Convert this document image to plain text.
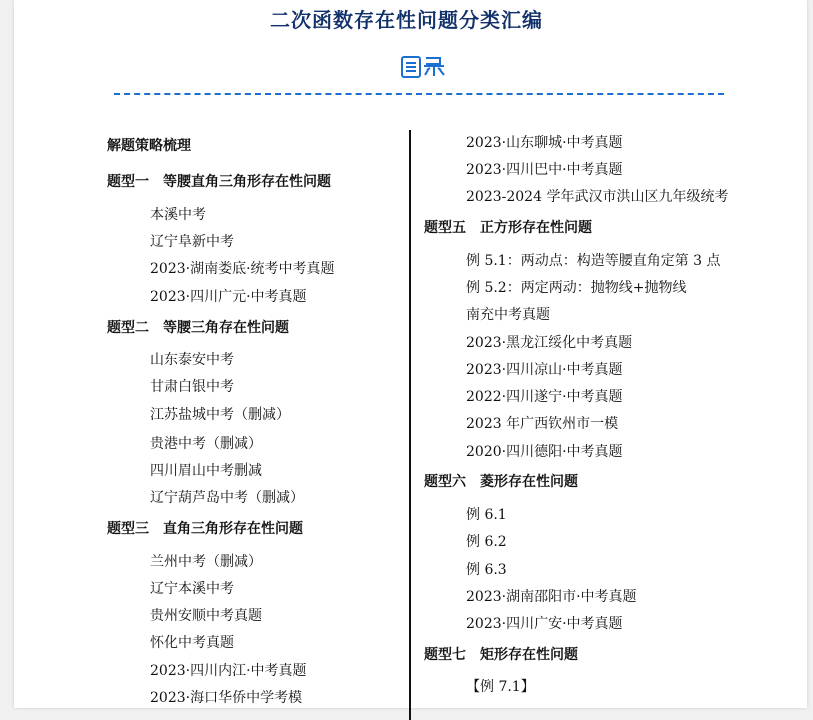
二次函数存在性问题分类汇编
解题策略梳理
题型一　等腰直角三角形存在性问题
本溪中考
辽宁阜新中考
2023·湖南娄底·统考中考真题
2023·四川广元·中考真题
题型二　等腰三角存在性问题
山东泰安中考
甘肃白银中考
江苏盐城中考（删减）
贵港中考（删减）
四川眉山中考删减
辽宁葫芦岛中考（删减）
题型三　直角三角形存在性问题
兰州中考（删减）
辽宁本溪中考
贵州安顺中考真题
怀化中考真题
2023·四川内江·中考真题
2023·海口华侨中学考模
2023·山东聊城·中考真题
2023·四川巴中·中考真题
2023-2024 学年武汉市洪山区九年级统考
题型五　正方形存在性问题
例 5.1：两动点：构造等腰直角定第 3 点
例 5.2：两定两动：抛物线+抛物线
南充中考真题
2023·黑龙江绥化中考真题
2023·四川凉山·中考真题
2022·四川遂宁·中考真题
2023 年广西钦州市一模
2020·四川德阳·中考真题
题型六　菱形存在性问题
例 6.1
例 6.2
例 6.3
2023·湖南邵阳市·中考真题
2023·四川广安·中考真题
题型七　矩形存在性问题
【例 7.1】
